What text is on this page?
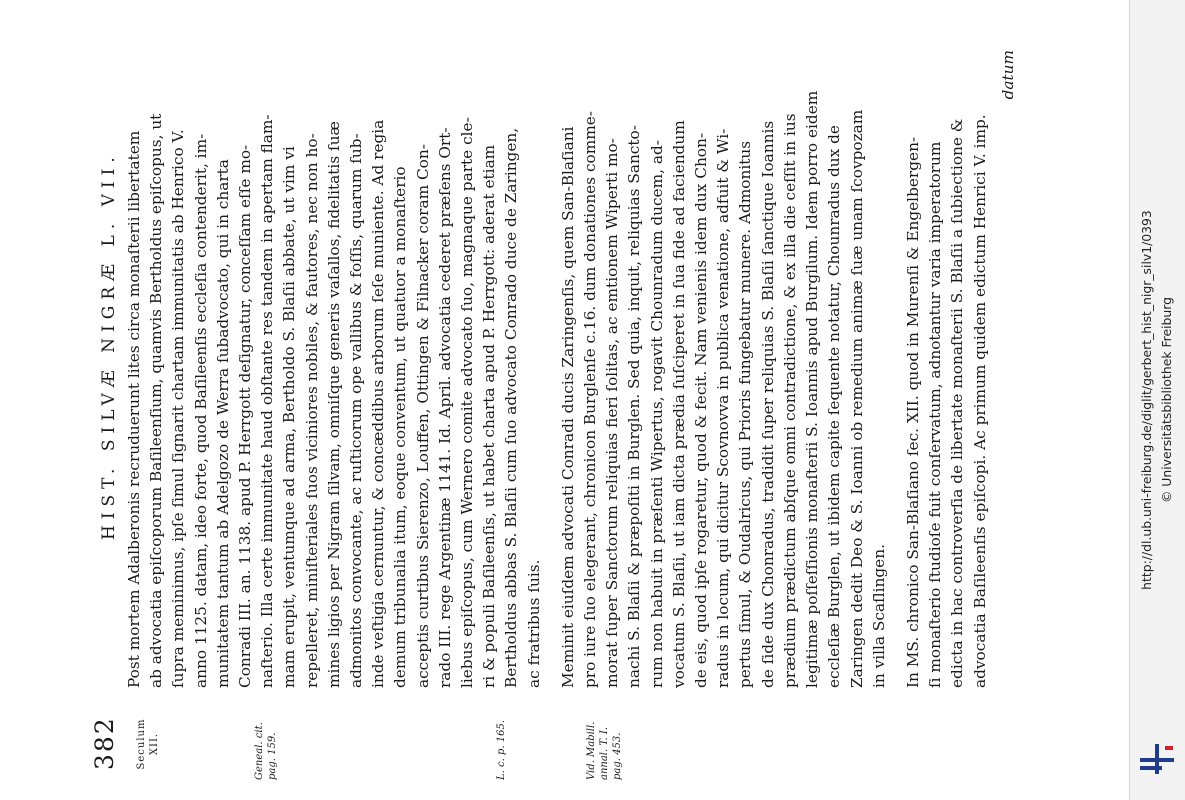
382
HIST. SILVÆ NIGRÆ L. VII.
Seculum XII.	Geneal. cit. pag. 159.	L. c. p. 165.	Vid. Mabill. annal. T. I. pag. 453.

Post mortem Adalberonis recruduerunt lites circa monaſterii libertatem ab advocatia epiſcoporum Baſileenſium, quamvis Bertholdus epiſcopus, ut ſupra meminimus, ipſe ſimul ſignarit chartam immunitatis ab Henrico V. anno 1125. datam, ideo forte, quod Baſileenſis eccleſia contenderit, im- munitatem tantum ab Adelgozo de Werra ſubadvocato, qui in charta Conradi III. an. 1138. apud P. Herrgott deſignatur, conceſſam eſſe mo- naſterio. Illa certe immunitate haud obſtante res tandem in apertam flam- mam erupit, ventumque ad arma, Bertholdo S. Blaſii abbate, ut vim vi repelleret, miniſteriales ſuos viciniores nobiles, & fautores, nec non ho- mines ligios per Nigram ſilvam, omniſque generis vaſallos, fidelitatis ſuæ admonitos convocante, ac ruſticorum ope vallibus & foſſis, quarum ſub- inde veſtigia cernuntur, & concæddibus arborum ſeſe muniente. Ad regia demum tribunalia itum, eoque conventum, ut quatuor a monaſterio acceptis curtibus Sierenzo, Louffen, Ottingen & Filnacker coram Con- rado III. rege Argentinæ 1141. Id. April. advocatia cederet præſens Ort- liebus epiſcopus, cum Wernero comite advocato ſuo, magnaque parte cle- ri & populi Baſileenſis, ut habet charta apud P. Herrgott: aderat etiam Bertholdus abbas S. Blaſii cum ſuo advocato Conrado duce de Zaringen, ac fratribus ſuis. Meminit eiuſdem advocati Conradi ducis Zaringenſis, quem San-Blaſiani pro iure ſuo elegerant, chronicon Burglenſe c.16. dum donationes comme- morat ſuper Sanctorum reliquias fieri ſolitas, ac emtionem Wiperti mo- nachi S. Blaſii & præpoſiti in Burglen. Sed quia, inquit, reliquias Sancto- rum non habuit in præſenti Wipertus, rogavit Chounradum ducem, ad- vocatum S. Blaſii, ut iam dicta prædia ſuſciperet in ſua fide ad faciendum de eis, quod ipſe rogaretur, quod & fecit. Nam venienis idem dux Chon- radus in locum, qui dicitur Scovnovva in publica venatione, adfuit & Wi- pertus ſimul, & Oudalricus, qui Prioris fungebatur munere. Admonitus de ſide dux Chonradus, tradidit ſuper reliquias S. Blaſii ſanctique Ioannis prædium prædictum abſque omni contradictione, & ex illa die ceſſit in ius legitimæ poſſeſſionis monaſterii S. Ioannis apud Burgilum. Idem porro eidem eccleſiæ Burglen, ut ibidem capite ſequente notatur, Chounradus dux de Zaringen dedit Deo & S. Ioanni ob remedium animæ ſuæ unam ſcovpozam in villa Scaſlingen. In MS. chronico San-Blaſiano ſec. XII. quod in Murenſi & Engelbergen- ſi monaſterio ſtudioſe fuit conſervatum, adnotantur varia imperatorum edicta in hac controverſia de libertate monaſterii S. Blaſii a ſubiectione & advocatia Baſileenſis epiſcopi. Ac primum quidem edictum Henrici V. imp.

datum

http://dl.ub.uni-freiburg.de/diglit/gerbert_hist_nigr_silv1/0393 © Universitätsbibliothek Freiburg
